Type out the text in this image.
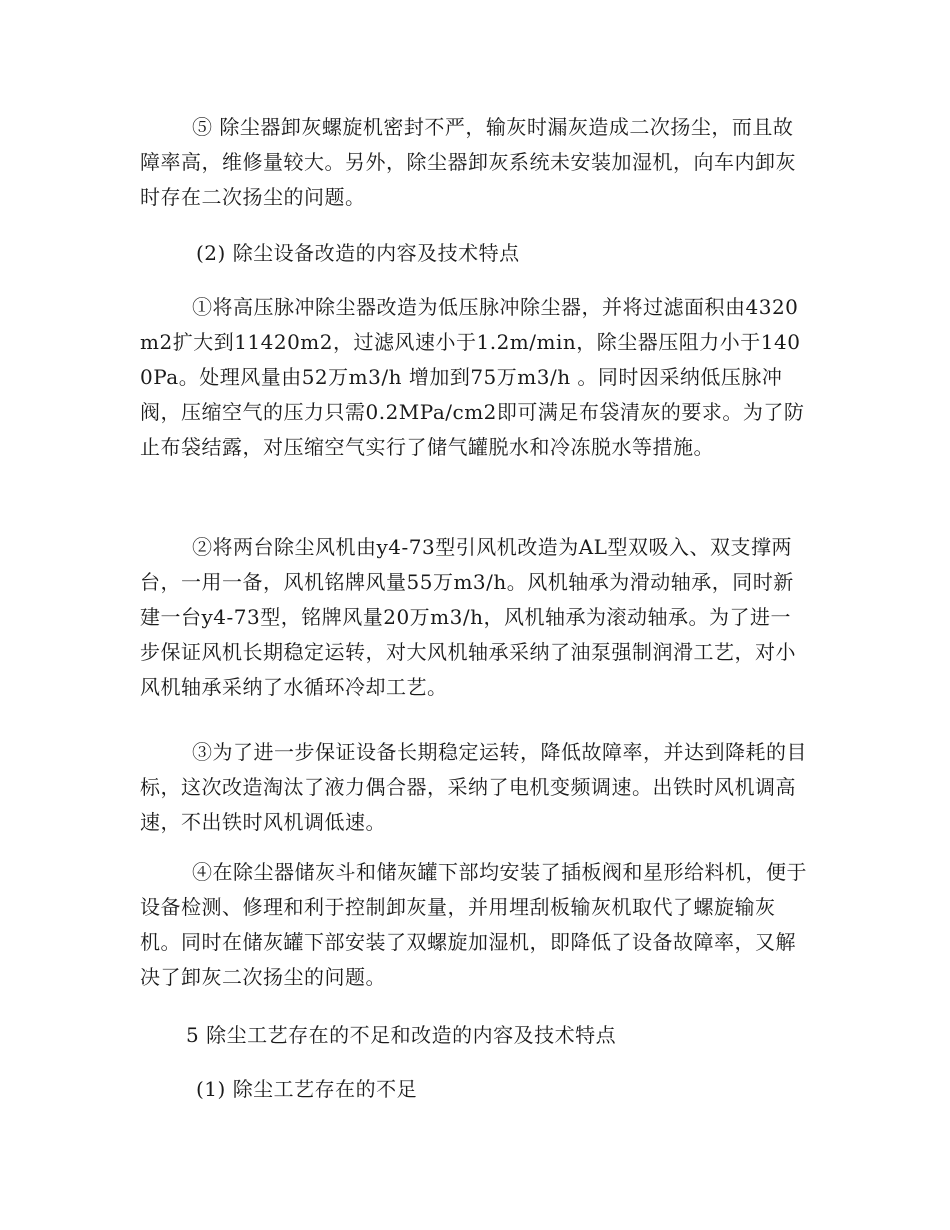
⑤ 除尘器卸灰螺旋机密封不严，输灰时漏灰造成二次扬尘，而且故障率高，维修量较大。另外，除尘器卸灰系统未安装加湿机，向车内卸灰时存在二次扬尘的问题。

(2) 除尘设备改造的内容及技术特点

①将高压脉冲除尘器改造为低压脉冲除尘器，并将过滤面积由4320m2扩大到11420m2，过滤风速小于1.2m/min，除尘器压阻力小于1400Pa。处理风量由52万m3/h 增加到75万m3/h 。同时因采纳低压脉冲阀，压缩空气的压力只需0.2MPa/cm2即可满足布袋清灰的要求。为了防止布袋结露，对压缩空气实行了储气罐脱水和冷冻脱水等措施。

②将两台除尘风机由y4-73型引风机改造为AL型双吸入、双支撑两台，一用一备，风机铭牌风量55万m3/h。风机轴承为滑动轴承，同时新建一台y4-73型，铭牌风量20万m3/h，风机轴承为滚动轴承。为了进一步保证风机长期稳定运转，对大风机轴承采纳了油泵强制润滑工艺，对小风机轴承采纳了水循环冷却工艺。

③为了进一步保证设备长期稳定运转，降低故障率，并达到降耗的目标，这次改造淘汰了液力偶合器，采纳了电机变频调速。出铁时风机调高速，不出铁时风机调低速。

④在除尘器储灰斗和储灰罐下部均安装了插板阀和星形给料机，便于设备检测、修理和利于控制卸灰量，并用埋刮板输灰机取代了螺旋输灰机。同时在储灰罐下部安装了双螺旋加湿机，即降低了设备故障率，又解决了卸灰二次扬尘的问题。

5 除尘工艺存在的不足和改造的内容及技术特点

(1) 除尘工艺存在的不足
